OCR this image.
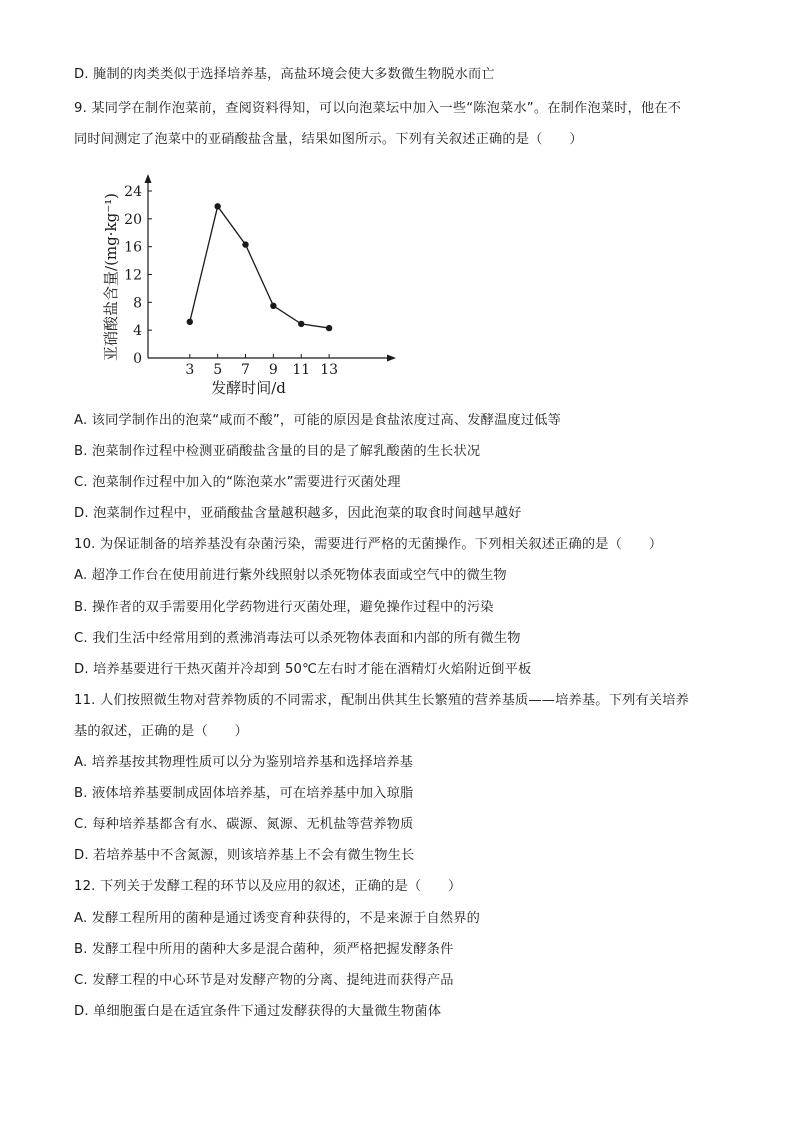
D. 腌制的肉类类似于选择培养基，高盐环境会使大多数微生物脱水而亡
9. 某同学在制作泡菜前，查阅资料得知，可以向泡菜坛中加入一些“陈泡菜水”。在制作泡菜时，他在不
同时间测定了泡菜中的亚硝酸盐含量，结果如图所示。下列有关叙述正确的是（　　）
3 5 7 9 11 13
0
4
8
12
16
20
24
发酵时间/d
亚硝酸盐含量/(mg·kg⁻¹)
A. 该同学制作出的泡菜“咸而不酸”，可能的原因是食盐浓度过高、发酵温度过低等
B. 泡菜制作过程中检测亚硝酸盐含量的目的是了解乳酸菌的生长状况
C. 泡菜制作过程中加入的“陈泡菜水”需要进行灭菌处理
D. 泡菜制作过程中，亚硝酸盐含量越积越多，因此泡菜的取食时间越早越好
10. 为保证制备的培养基没有杂菌污染，需要进行严格的无菌操作。下列相关叙述正确的是（　　）
A. 超净工作台在使用前进行紫外线照射以杀死物体表面或空气中的微生物
B. 操作者的双手需要用化学药物进行灭菌处理，避免操作过程中的污染
C. 我们生活中经常用到的煮沸消毒法可以杀死物体表面和内部的所有微生物
D. 培养基要进行干热灭菌并冷却到 50℃左右时才能在酒精灯火焰附近倒平板
11. 人们按照微生物对营养物质的不同需求，配制出供其生长繁殖的营养基质——培养基。下列有关培养
基的叙述，正确的是（　　）
A. 培养基按其物理性质可以分为鉴别培养基和选择培养基
B. 液体培养基要制成固体培养基，可在培养基中加入琼脂
C. 每种培养基都含有水、碳源、氮源、无机盐等营养物质
D. 若培养基中不含氮源，则该培养基上不会有微生物生长
12. 下列关于发酵工程的环节以及应用的叙述，正确的是（　　）
A. 发酵工程所用的菌种是通过诱变育种获得的，不是来源于自然界的
B. 发酵工程中所用的菌种大多是混合菌种，须严格把握发酵条件
C. 发酵工程的中心环节是对发酵产物的分离、提纯进而获得产品
D. 单细胞蛋白是在适宜条件下通过发酵获得的大量微生物菌体
